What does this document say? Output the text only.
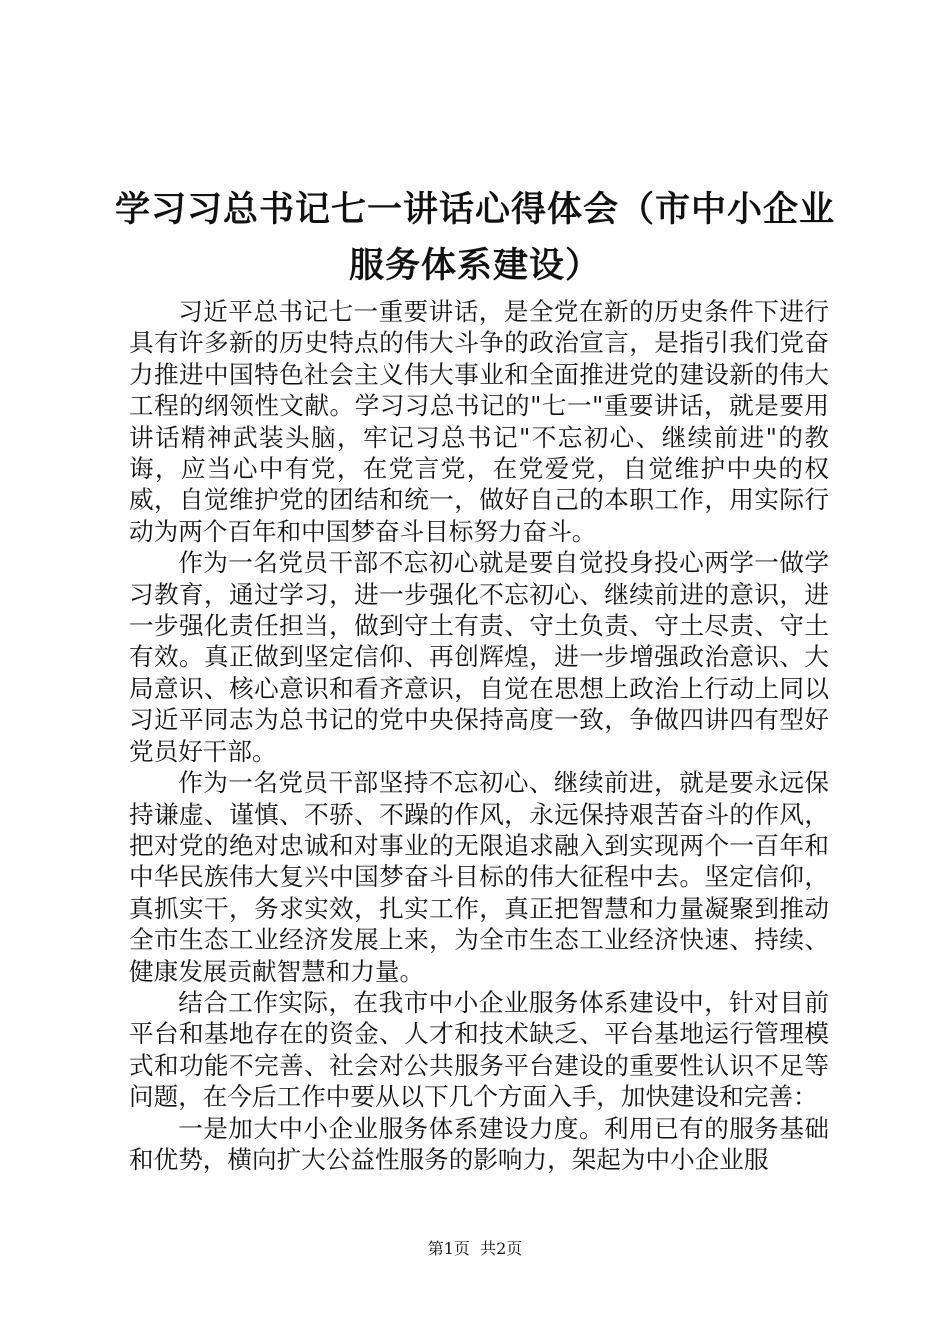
学习习总书记七一讲话心得体会（市中小企业服务体系建设）

习近平总书记七一重要讲话，是全党在新的历史条件下进行具有许多新的历史特点的伟大斗争的政治宣言，是指引我们党奋力推进中国特色社会主义伟大事业和全面推进党的建设新的伟大工程的纲领性文献。学习习总书记的"七一"重要讲话，就是要用讲话精神武装头脑，牢记习总书记"不忘初心、继续前进"的教诲，应当心中有党，在党言党，在党爱党，自觉维护中央的权威，自觉维护党的团结和统一，做好自己的本职工作，用实际行动为两个百年和中国梦奋斗目标努力奋斗。

作为一名党员干部不忘初心就是要自觉投身投心两学一做学习教育，通过学习，进一步强化不忘初心、继续前进的意识，进一步强化责任担当，做到守土有责、守土负责、守土尽责、守土有效。真正做到坚定信仰、再创辉煌，进一步增强政治意识、大局意识、核心意识和看齐意识，自觉在思想上政治上行动上同以习近平同志为总书记的党中央保持高度一致，争做四讲四有型好党员好干部。

作为一名党员干部坚持不忘初心、继续前进，就是要永远保持谦虚、谨慎、不骄、不躁的作风，永远保持艰苦奋斗的作风，把对党的绝对忠诚和对事业的无限追求融入到实现两个一百年和中华民族伟大复兴中国梦奋斗目标的伟大征程中去。坚定信仰，真抓实干，务求实效，扎实工作，真正把智慧和力量凝聚到推动全市生态工业经济发展上来，为全市生态工业经济快速、持续、健康发展贡献智慧和力量。

结合工作实际，在我市中小企业服务体系建设中，针对目前平台和基地存在的资金、人才和技术缺乏、平台基地运行管理模式和功能不完善、社会对公共服务平台建设的重要性认识不足等问题，在今后工作中要从以下几个方面入手，加快建设和完善：

一是加大中小企业服务体系建设力度。利用已有的服务基础和优势，横向扩大公益性服务的影响力，架起为中小企业服

第1页 共2页
